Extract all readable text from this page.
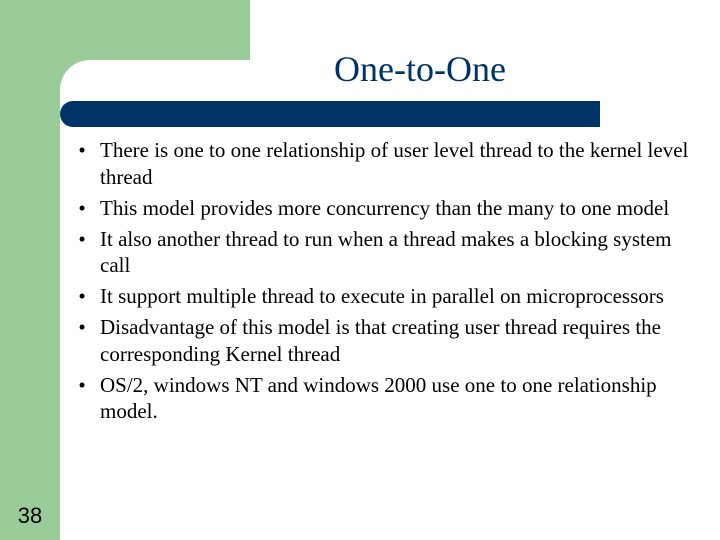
One-to-One
• There is one to one relationship of user level thread to the kernel level thread
• This model provides more concurrency than the many to one model
• It also another thread to run when a thread makes a blocking system call
• It support multiple thread to execute in parallel on microprocessors
• Disadvantage of this model is that creating user thread requires the corresponding Kernel thread
• OS/2, windows NT and windows 2000 use one to one relationship model.
38
